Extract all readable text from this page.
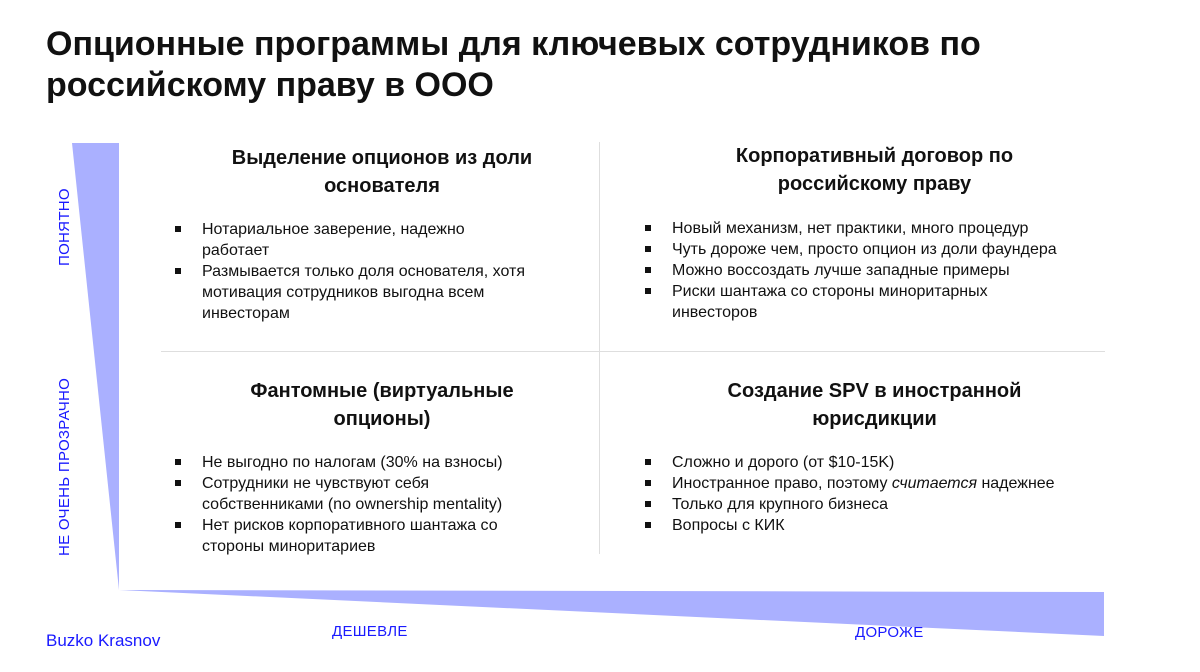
Опционные программы для ключевых сотрудников по
российскому праву в ООО
ПОНЯТНО
НЕ ОЧЕНЬ ПРОЗРАЧНО
ДЕШЕВЛЕ	ДОРОЖЕ
Выделение опционов из доли
основателя
Нотариальное заверение, надежно
работает
Размывается только доля основателя, хотя
мотивация сотрудников выгодна всем
инвесторам
Корпоративный договор по
российскому праву
Новый механизм, нет практики, много процедур
Чуть дороже чем, просто опцион из доли фаундера
Можно воссоздать лучше западные примеры
Риски шантажа со стороны миноритарных
инвесторов
Фантомные (виртуальные
опционы)
Не выгодно по налогам (30% на взносы)
Сотрудники не чувствуют себя
собственниками (no ownership mentality)
Нет рисков корпоративного шантажа со
стороны миноритариев
Создание SPV в иностранной
юрисдикции
Сложно и дорого (от $10-15K)
Иностранное право, поэтому считается надежнее
Только для крупного бизнеса
Вопросы с КИК
Buzko Krasnov
